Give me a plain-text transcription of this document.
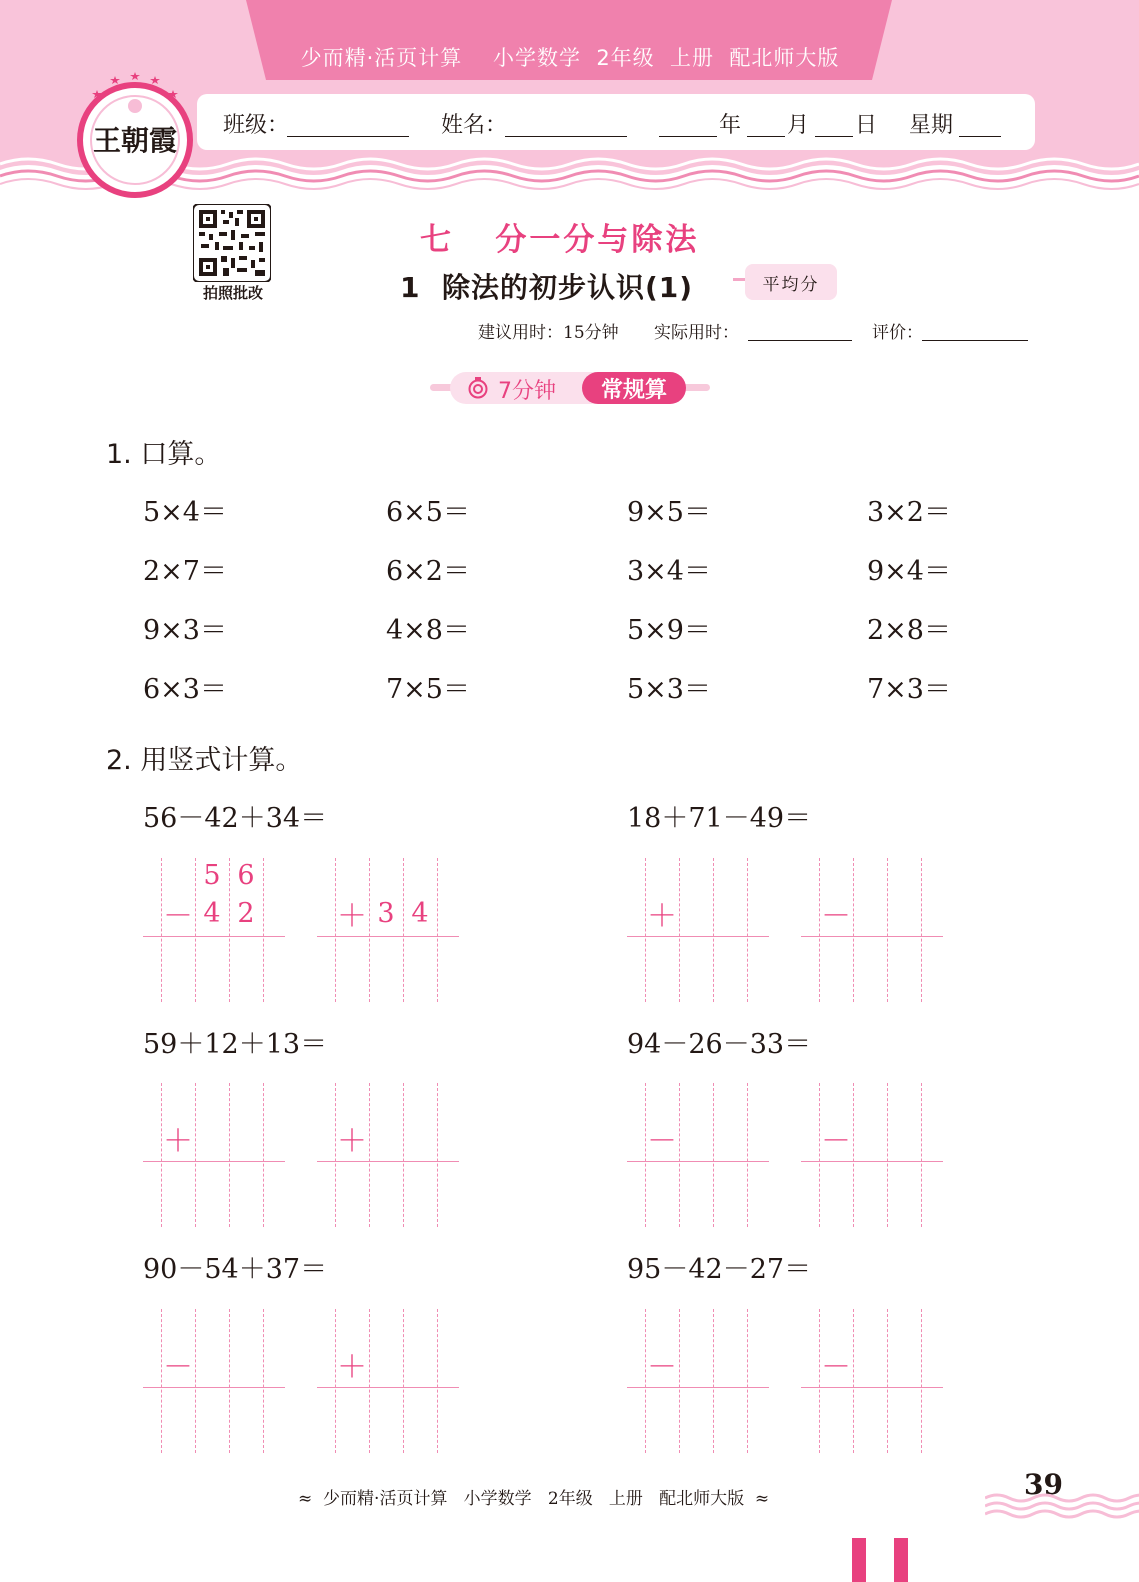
少而精·活页计算    小学数学  2年级  上册  配北师大版
王朝霞 班级：	姓名：	年 月 日 星期
拍照批改
七   分一分与除法
1  除法的初步认识(1)	平均分
建议用时：15分钟 实际用时：	评价：
7分钟	常规算
1. 口算。
5×4＝	6×5＝	9×5＝	3×2＝
2×7＝	6×2＝	3×4＝	9×4＝
9×3＝	4×8＝	5×9＝	2×8＝
6×3＝	7×5＝	5×3＝	7×3＝
2. 用竖式计算。
56－42＋34＝	18＋71－49＝
59＋12＋13＝	94－26－33＝
90－54＋37＝	95－42－27＝
5 6
－ 4 2	＋ 3 4	＋	－
＋	＋	－	－
－	＋	－	－
≈  少而精·活页计算   小学数学   2年级   上册   配北师大版  ≈	39
